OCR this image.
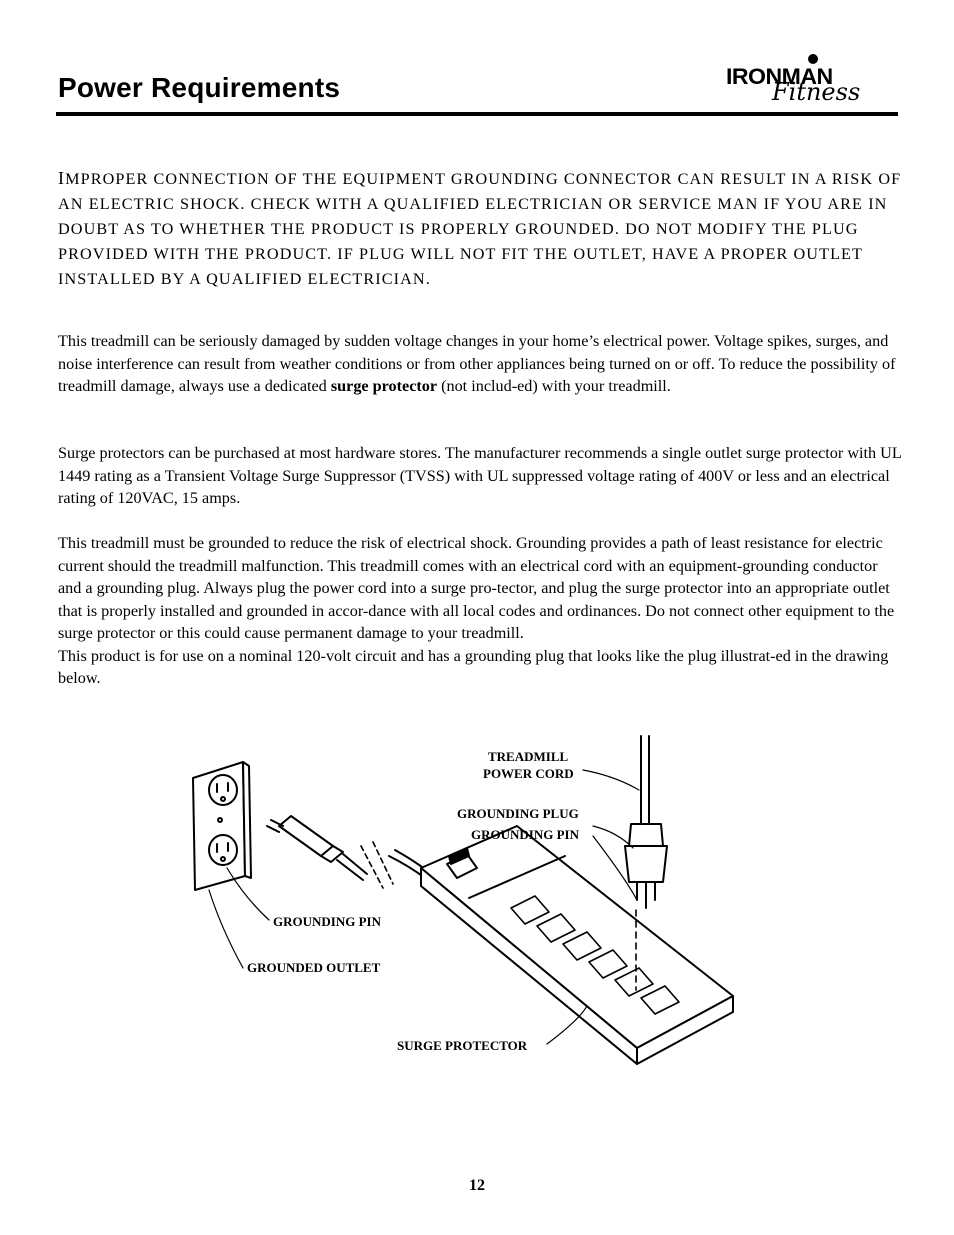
Power Requirements	IRONMAN
Fitness
IMPROPER CONNECTION OF THE EQUIPMENT GROUNDING CONNECTOR CAN RESULT IN A RISK OF AN ELECTRIC SHOCK. CHECK WITH A QUALIFIED ELECTRICIAN OR SERVICE MAN IF YOU ARE IN DOUBT AS TO WHETHER THE PRODUCT IS PROPERLY GROUNDED. DO NOT MODIFY THE PLUG PROVIDED WITH THE PRODUCT. IF PLUG WILL NOT FIT THE OUTLET, HAVE A PROPER OUTLET INSTALLED BY A QUALIFIED ELECTRICIAN.
This treadmill can be seriously damaged by sudden voltage changes in your home’s electrical power. Voltage spikes, surges, and noise interference can result from weather conditions or from other appliances being turned on or off. To reduce the possibility of treadmill damage, always use a dedicated surge protector (not includ-ed) with your treadmill.
Surge protectors can be purchased at most hardware stores. The manufacturer recommends a single outlet surge protector with UL 1449 rating as a Transient Voltage Surge Suppressor (TVSS) with UL suppressed voltage rating of 400V or less and an electrical rating of 120VAC, 15 amps.
This treadmill must be grounded to reduce the risk of electrical shock. Grounding provides a path of least resistance for electric current should the treadmill malfunction. This treadmill comes with an electrical cord with an equipment-grounding conductor and a grounding plug. Always plug the power cord into a surge pro-tector, and plug the surge protector into an appropriate outlet that is properly installed and grounded in accor-dance with all local codes and ordinances. Do not connect other equipment to the surge protector or this could cause permanent damage to your treadmill.
This product is for use on a nominal 120-volt circuit and has a grounding plug that looks like the plug illustrat-ed in the drawing below.
TREADMILL
POWER CORD
GROUNDING PLUG
GROUNDING PIN
GROUNDING PIN
GROUNDED OUTLET
SURGE PROTECTOR
12
